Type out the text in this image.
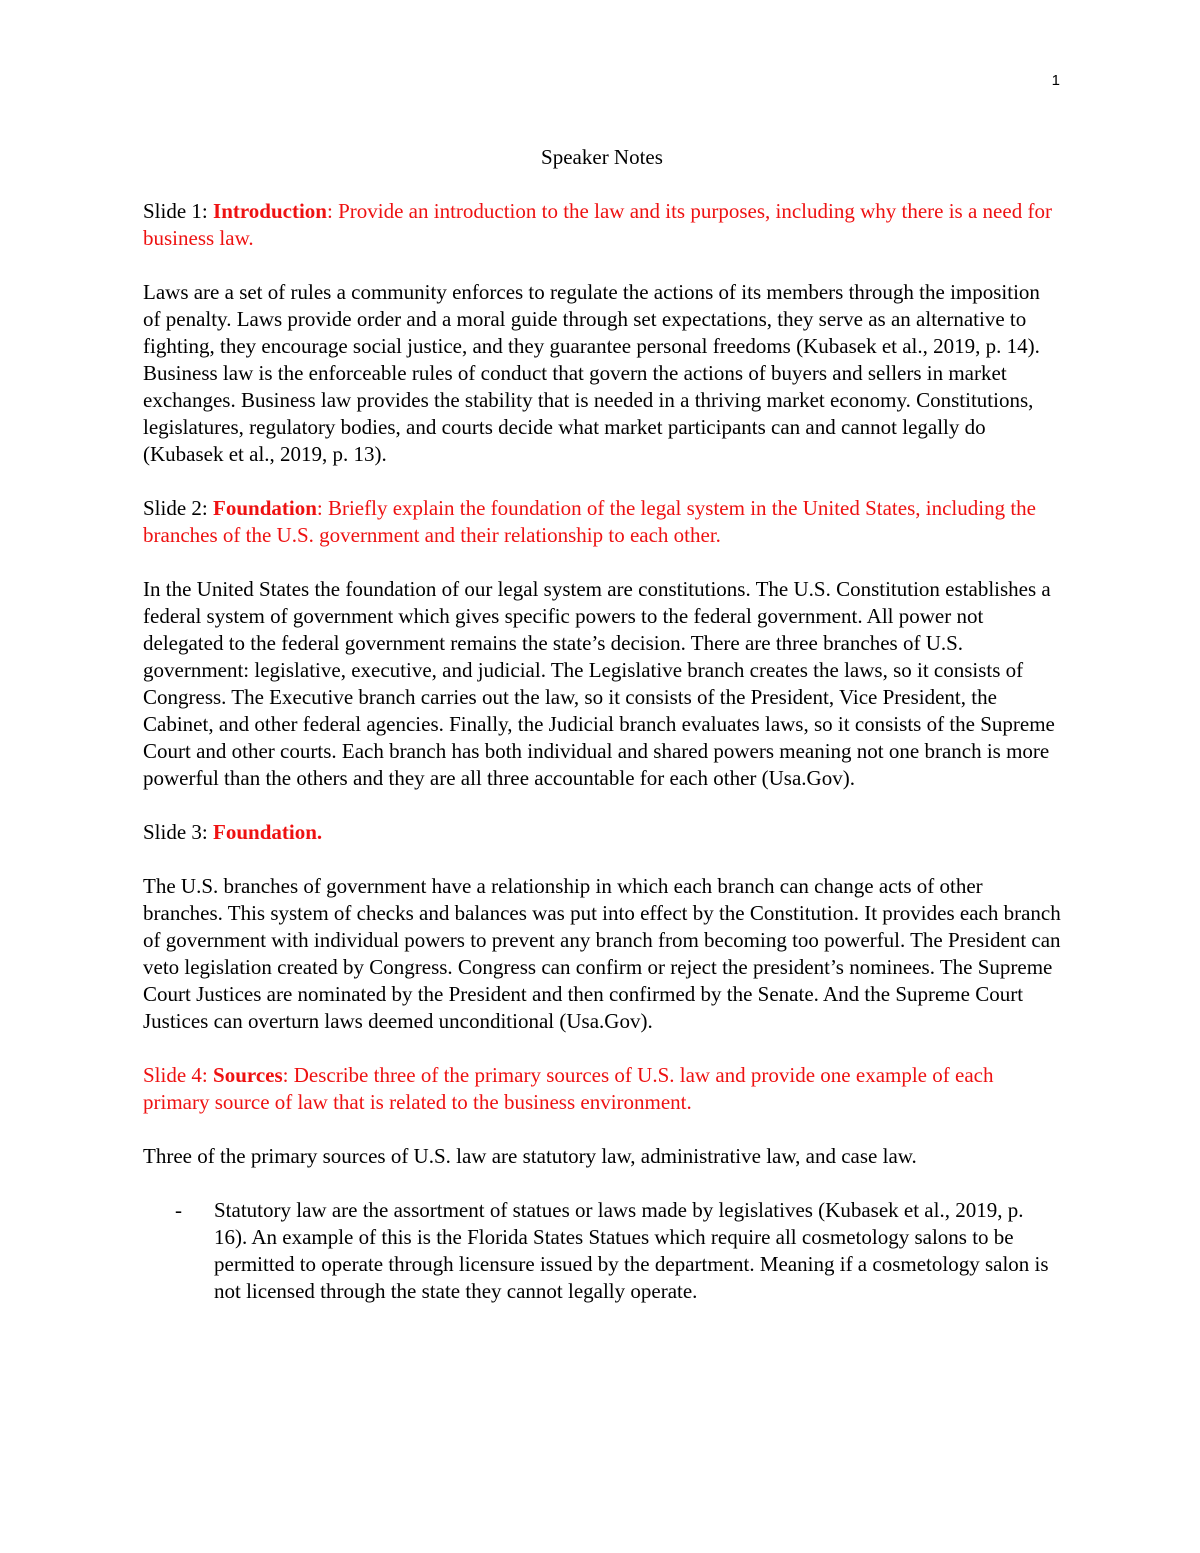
1
Speaker Notes

Slide 1: Introduction: Provide an introduction to the law and its purposes, including why there is a need for business law.

Laws are a set of rules a community enforces to regulate the actions of its members through the imposition of penalty. Laws provide order and a moral guide through set expectations, they serve as an alternative to fighting, they encourage social justice, and they guarantee personal freedoms (Kubasek et al., 2019, p. 14). Business law is the enforceable rules of conduct that govern the actions of buyers and sellers in market exchanges. Business law provides the stability that is needed in a thriving market economy. Constitutions, legislatures, regulatory bodies, and courts decide what market participants can and cannot legally do (Kubasek et al., 2019, p. 13).

Slide 2: Foundation: Briefly explain the foundation of the legal system in the United States, including the branches of the U.S. government and their relationship to each other.

In the United States the foundation of our legal system are constitutions. The U.S. Constitution establishes a federal system of government which gives specific powers to the federal government. All power not delegated to the federal government remains the state’s decision. There are three branches of U.S. government: legislative, executive, and judicial. The Legislative branch creates the laws, so it consists of Congress. The Executive branch carries out the law, so it consists of the President, Vice President, the Cabinet, and other federal agencies. Finally, the Judicial branch evaluates laws, so it consists of the Supreme Court and other courts. Each branch has both individual and shared powers meaning not one branch is more powerful than the others and they are all three accountable for each other (Usa.Gov).

Slide 3: Foundation.

The U.S. branches of government have a relationship in which each branch can change acts of other branches. This system of checks and balances was put into effect by the Constitution. It provides each branch of government with individual powers to prevent any branch from becoming too powerful. The President can veto legislation created by Congress. Congress can confirm or reject the president’s nominees. The Supreme Court Justices are nominated by the President and then confirmed by the Senate. And the Supreme Court Justices can overturn laws deemed unconditional (Usa.Gov).

Slide 4: Sources: Describe three of the primary sources of U.S. law and provide one example of each primary source of law that is related to the business environment.

Three of the primary sources of U.S. law are statutory law, administrative law, and case law.

- Statutory law are the assortment of statues or laws made by legislatives (Kubasek et al., 2019, p. 16). An example of this is the Florida States Statues which require all cosmetology salons to be permitted to operate through licensure issued by the department. Meaning if a cosmetology salon is not licensed through the state they cannot legally operate.
